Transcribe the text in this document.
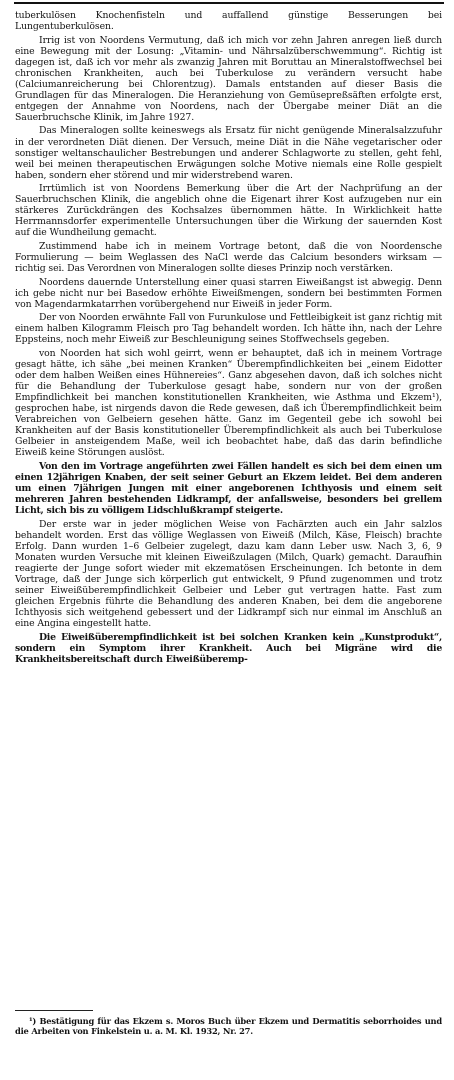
tuberkulösen Knochenfisteln und auffallend günstige Besserungen bei Lungentuberkulösen.

Irrig ist von Noordens Vermutung, daß ich mich vor zehn Jahren anregen ließ durch eine Bewegung mit der Losung: „Vitamin- und Nährsalzüberschwemmung“. Richtig ist dagegen ist, daß ich vor mehr als zwanzig Jahren mit Boruttau an Mineralstoffwechsel bei chronischen Krankheiten, auch bei Tuberkulose zu verändern versucht habe (Calciumanreicherung bei Chlorentzug). Damals entstanden auf dieser Basis die Grundlagen für das Mineralogen. Die Heranziehung von Gemüsepreßsäften erfolgte erst, entgegen der Annahme von Noordens, nach der Übergabe meiner Diät an die Sauerbruchsche Klinik, im Jahre 1927.

Das Mineralogen sollte keineswegs als Ersatz für nicht genügende Mineralsalzzufuhr in der verordneten Diät dienen. Der Versuch, meine Diät in die Nähe vegetarischer oder sonstiger weltanschaulicher Bestrebungen und anderer Schlagworte zu stellen, geht fehl, weil bei meinen therapeutischen Erwägungen solche Motive niemals eine Rolle gespielt haben, sondern eher störend und mir widerstrebend waren.

Irrtümlich ist von Noordens Bemerkung über die Art der Nachprüfung an der Sauerbruchschen Klinik, die angeblich ohne die Eigenart ihrer Kost aufzugeben nur ein stärkeres Zurückdrängen des Kochsalzes übernommen hätte. In Wirklichkeit hatte Herrmannsdorfer experimentelle Untersuchungen über die Wirkung der sauernden Kost auf die Wundheilung gemacht.

Zustimmend habe ich in meinem Vortrage betont, daß die von Noordensche Formulierung — beim Weglassen des NaCl werde das Calcium besonders wirksam — richtig sei. Das Verordnen von Mineralogen sollte dieses Prinzip noch verstärken.

Noordens dauernde Unterstellung einer quasi starren Eiweißangst ist abwegig. Denn ich gebe nicht nur bei Basedow erhöhte Eiweißmengen, sondern bei bestimmten Formen von Magendarmkatarrhen vorübergehend nur Eiweiß in jeder Form.

Der von Noorden erwähnte Fall von Furunkulose und Fettleibigkeit ist ganz richtig mit einem halben Kilogramm Fleisch pro Tag behandelt worden. Ich hätte ihn, nach der Lehre Eppsteins, noch mehr Eiweiß zur Beschleunigung seines Stoffwechsels gegeben.

von Noorden hat sich wohl geirrt, wenn er behauptet, daß ich in meinem Vortrage gesagt hätte, ich sähe „bei meinen Kranken“ Überempfindlichkeiten bei „einem Eidotter oder dem halben Weißen eines Hühnereies“. Ganz abgesehen davon, daß ich solches nicht für die Behandlung der Tuberkulose gesagt habe, sondern nur von der großen Empfindlichkeit bei manchen konstitutionellen Krankheiten, wie Asthma und Ekzem¹), gesprochen habe, ist nirgends davon die Rede gewesen, daß ich Überempfindlichkeit beim Verabreichen von Gelbeiern gesehen hätte. Ganz im Gegenteil gebe ich sowohl bei Krankheiten auf der Basis konstitutioneller Überempfindlichkeit als auch bei Tuberkulose Gelbeier in ansteigendem Maße, weil ich beobachtet habe, daß das darin befindliche Eiweiß keine Störungen auslöst.

Von den im Vortrage angeführten zwei Fällen handelt es sich bei dem einen um einen 12jährigen Knaben, der seit seiner Geburt an Ekzem leidet. Bei dem anderen um einen 7jährigen Jungen mit einer angeborenen Ichthyosis und einem seit mehreren Jahren bestehenden Lidkrampf, der anfallsweise, besonders bei grellem Licht, sich bis zu völligem Lidschlußkrampf steigerte.

Der erste war in jeder möglichen Weise von Fachärzten auch ein Jahr salzlos behandelt worden. Erst das völlige Weglassen von Eiweiß (Milch, Käse, Fleisch) brachte Erfolg. Dann wurden 1–6 Gelbeier zugelegt, dazu kam dann Leber usw. Nach 3, 6, 9 Monaten wurden Versuche mit kleinen Eiweißzulagen (Milch, Quark) gemacht. Daraufhin reagierte der Junge sofort wieder mit ekzematösen Erscheinungen. Ich betonte in dem Vortrage, daß der Junge sich körperlich gut entwickelt, 9 Pfund zugenommen und trotz seiner Eiweißüberempfindlichkeit Gelbeier und Leber gut vertragen hatte. Fast zum gleichen Ergebnis führte die Behandlung des anderen Knaben, bei dem die angeborene Ichthyosis sich weitgehend gebessert und der Lidkrampf sich nur einmal im Anschluß an eine Angina eingestellt hatte.

Die Eiweißüberempfindlichkeit ist bei solchen Kranken kein „Kunstprodukt“, sondern ein Symptom ihrer Krankheit. Auch bei Migräne wird die Krankheitsbereitschaft durch Eiweißüberemp-

¹) Bestätigung für das Ekzem s. Moros Buch über Ekzem und Dermatitis seborrhoides und die Arbeiten von Finkelstein u. a. M. Kl. 1932, Nr. 27.
